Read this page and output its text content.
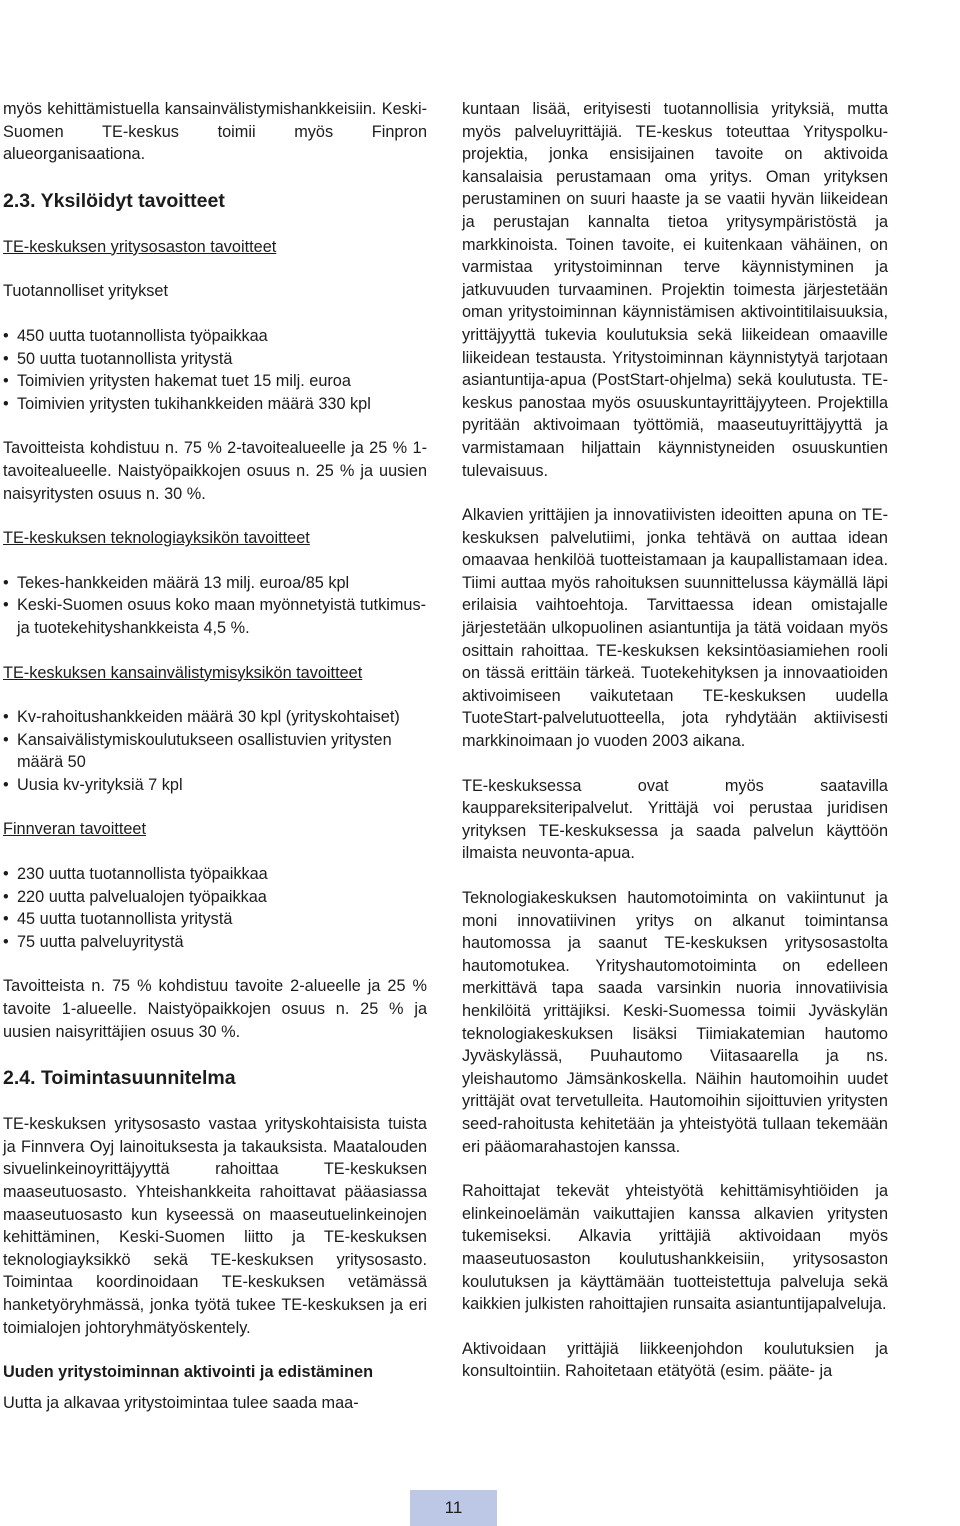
myös kehittämistuella kansainvälistymishankkeisiin. Keski-Suomen TE-keskus toimii myös Finpron alueorganisaationa.

2.3. Yksilöidyt tavoitteet

TE-keskuksen yritysosaston tavoitteet

Tuotannolliset yritykset

• 450 uutta tuotannollista työpaikkaa
• 50 uutta tuotannollista yritystä
• Toimivien yritysten hakemat tuet 15 milj. euroa
• Toimivien yritysten tukihankkeiden määrä 330 kpl

Tavoitteista kohdistuu n. 75 % 2-tavoitealueelle ja 25 % 1-tavoitealueelle. Naistyöpaikkojen osuus n. 25 % ja uusien naisyritysten osuus n. 30 %.

TE-keskuksen teknologiayksikön tavoitteet

• Tekes-hankkeiden määrä 13 milj. euroa/85 kpl
• Keski-Suomen osuus koko maan myönnetyistä tutkimus- ja tuotekehityshankkeista 4,5 %.

TE-keskuksen kansainvälistymisyksikön tavoitteet

• Kv-rahoitushankkeiden määrä 30 kpl (yrityskohtaiset)
• Kansaivälistymiskoulutukseen osallistuvien yritysten määrä 50
• Uusia kv-yrityksiä 7 kpl

Finnveran tavoitteet

• 230 uutta tuotannollista työpaikkaa
• 220 uutta palvelualojen työpaikkaa
• 45 uutta tuotannollista yritystä
• 75 uutta palveluyritystä

Tavoitteista n. 75 % kohdistuu tavoite 2-alueelle ja 25 % tavoite 1-alueelle. Naistyöpaikkojen osuus n. 25 % ja uusien naisyrittäjien osuus 30 %.

2.4. Toimintasuunnitelma

TE-keskuksen yritysosasto vastaa yrityskohtaisista tuista ja Finnvera Oyj lainoituksesta ja takauksista. Maatalouden sivuelinkeinoyrittäjyyttä rahoittaa TE-keskuksen maaseutuosasto. Yhteishankkeita rahoittavat pääasiassa maaseutuosasto kun kyseessä on maaseutuelinkeinojen kehittäminen, Keski-Suomen liitto ja TE-keskuksen teknologiayksikkö sekä TE-keskuksen yritysosasto. Toimintaa koordinoidaan TE-keskuksen vetämässä hanketyöryhmässä, jonka työtä tukee TE-keskuksen ja eri toimialojen johtoryhmätyöskentely.

Uuden yritystoiminnan aktivointi ja edistäminen

Uutta ja alkavaa yritystoimintaa tulee saada maa-

kuntaan lisää, erityisesti tuotannollisia yrityksiä, mutta myös palveluyrittäjiä. TE-keskus toteuttaa Yrityspolku-projektia, jonka ensisijainen tavoite on aktivoida kansalaisia perustamaan oma yritys. Oman yrityksen perustaminen on suuri haaste ja se vaatii hyvän liikeidean ja perustajan kannalta tietoa yritysympäristöstä ja markkinoista. Toinen tavoite, ei kuitenkaan vähäinen, on varmistaa yritystoiminnan terve käynnistyminen ja jatkuvuuden turvaaminen. Projektin toimesta järjestetään oman yritystoiminnan käynnistämisen aktivointitilaisuuksia, yrittäjyyttä tukevia koulutuksia sekä liikeidean omaaville liikeidean testausta. Yritystoiminnan käynnistytyä tarjotaan asiantuntija-apua (PostStart-ohjelma) sekä koulutusta. TE-keskus panostaa myös osuuskuntayrittäjyyteen. Projektilla pyritään aktivoimaan työttömiä, maaseutuyrittäjyyttä ja varmistamaan hiljattain käynnistyneiden osuuskuntien tulevaisuus.

Alkavien yrittäjien ja innovatiivisten ideoitten apuna on TE-keskuksen palvelutiimi, jonka tehtävä on auttaa idean omaavaa henkilöä tuotteistamaan ja kaupallistamaan idea. Tiimi auttaa myös rahoituksen suunnittelussa käymällä läpi erilaisia vaihtoehtoja. Tarvittaessa idean omistajalle järjestetään ulkopuolinen asiantuntija ja tätä voidaan myös osittain rahoittaa. TE-keskuksen keksintöasiamiehen rooli on tässä erittäin tärkeä. Tuotekehityksen ja innovaatioiden aktivoimiseen vaikutetaan TE-keskuksen uudella TuoteStart-palvelutuotteella, jota ryhdytään aktiivisesti markkinoimaan jo vuoden 2003 aikana.

TE-keskuksessa ovat myös saatavilla kauppareksiteripalvelut. Yrittäjä voi perustaa juridisen yrityksen TE-keskuksessa ja saada palvelun käyttöön ilmaista neuvonta-apua.

Teknologiakeskuksen hautomotoiminta on vakiintunut ja moni innovatiivinen yritys on alkanut toimintansa hautomossa ja saanut TE-keskuksen yritysosastolta hautomotukea. Yrityshautomotoiminta on edelleen merkittävä tapa saada varsinkin nuoria innovatiivisia henkilöitä yrittäjiksi. Keski-Suomessa toimii Jyväskylän teknologiakeskuksen lisäksi Tiimiakatemian hautomo Jyväskylässä, Puuhautomo Viitasaarella ja ns. yleishautomo Jämsänkoskella. Näihin hautomoihin uudet yrittäjät ovat tervetulleita. Hautomoihin sijoittuvien yritysten seed-rahoitusta kehitetään ja yhteistyötä tullaan tekemään eri pääomarahastojen kanssa.

Rahoittajat tekevät yhteistyötä kehittämisyhtiöiden ja elinkeinoelämän vaikuttajien kanssa alkavien yritysten tukemiseksi. Alkavia yrittäjiä aktivoidaan myös maaseutuosaston koulutushankkeisiin, yritysosaston koulutuksen ja käyttämään tuotteistettuja palveluja sekä kaikkien julkisten rahoittajien runsaita asiantuntijapalveluja.

Aktivoidaan yrittäjiä liikkeenjohdon koulutuksien ja konsultointiin. Rahoitetaan etätyötä (esim. pääte- ja

11
